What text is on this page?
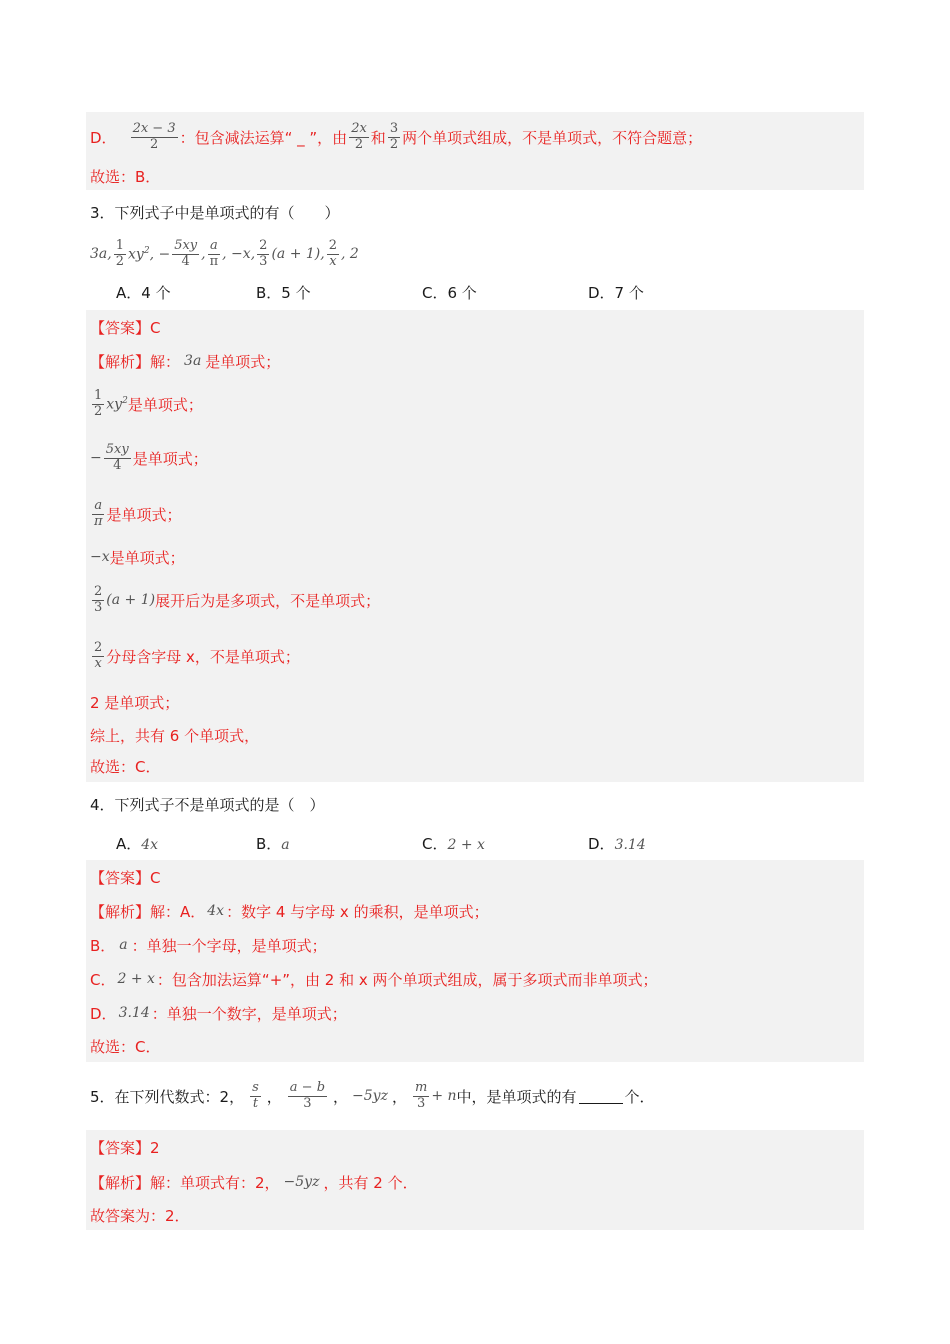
D． $\frac{2x - 3}{2}$ ：包含减法运算“ _ ”，由 $\frac{2x}{2}$ 和 $\frac{3}{2}$ 两个单项式组成，不是单项式，不符合题意；
故选：B．
3．下列式子中是单项式的有（　　）
3a, $\frac{1}{2} xy^2$, − $\frac{5xy}{4}$ , $\frac{a}{\pi}$ , −x, $\frac{2}{3} (a + 1)$, $\frac{2}{x}$ , 2
A．4 个	B．5 个	C．6 个	D．7 个
【答案】C
【解析】解： 3a 是单项式；
$\frac{1}{2} xy^2$ 是单项式；
− $\frac{5xy}{4}$ 是单项式；
$\frac{a}{\pi}$ 是单项式；
−x 是单项式；
$\frac{2}{3} (a + 1)$ 展开后为是多项式，不是单项式；
$\frac{2}{x}$ 分母含字母 x，不是单项式；
2 是单项式；
综上，共有 6 个单项式，
故选：C．
4．下列式子不是单项式的是（　）
A．4x	B．a	C．2 + x	D．3.14
【答案】C
【解析】解：A． 4x ：数字 4 与字母 x 的乘积，是单项式；
B． a ：单独一个字母，是单项式；
C． 2 + x ：包含加法运算“+”，由 2 和 x 两个单项式组成，属于多项式而非单项式；
D． 3.14 ：单独一个数字，是单项式；
故选：C．
5．在下列代数式：2， $\frac{s}{t}$ ， $\frac{a - b}{3}$ ， −5yz ， $\frac{m}{3} + n$ 中，是单项式的有	个．
【答案】2
【解析】解：单项式有：2， −5yz ，共有 2 个．
故答案为：2．
